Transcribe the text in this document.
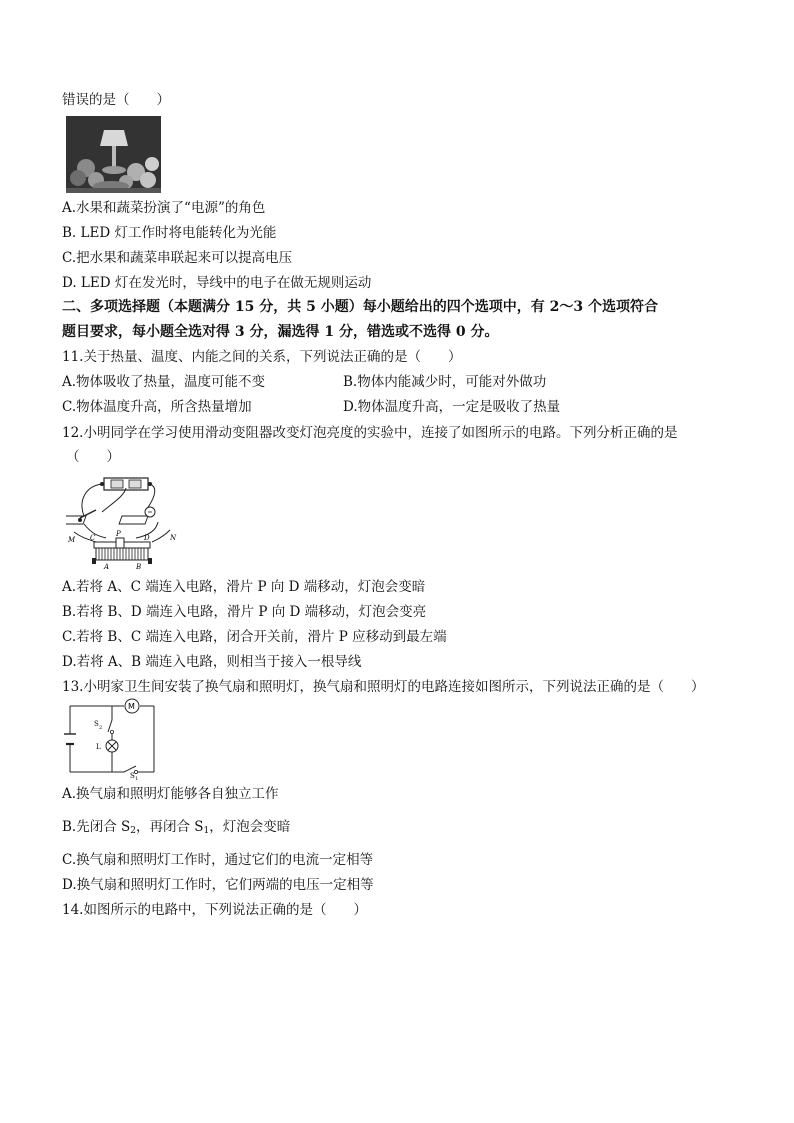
错误的是（　　）
A.水果和蔬菜扮演了“电源”的角色
B. LED 灯工作时将电能转化为光能
C.把水果和蔬菜串联起来可以提高电压
D. LED 灯在发光时，导线中的电子在做无规则运动
二、多项选择题（本题满分 15 分，共 5 小题）每小题给出的四个选项中，有 2～3 个选项符合
题目要求，每小题全选对得 3 分，漏选得 1 分，错选或不选得 0 分。
11.关于热量、温度、内能之间的关系，下列说法正确的是（　　）
A.物体吸收了热量，温度可能不变	B.物体内能减少时，可能对外做功
C.物体温度升高，所含热量增加	D.物体温度升高，一定是吸收了热量
12.小明同学在学习使用滑动变阻器改变灯泡亮度的实验中，连接了如图所示的电路。下列分析正确的是
（　　）
M C	P	D	N
A	B
A.若将 A、C 端连入电路，滑片 P 向 D 端移动，灯泡会变暗
B.若将 B、D 端连入电路，滑片 P 向 D 端移动，灯泡会变亮
C.若将 B、C 端连入电路，闭合开关前，滑片 P 应移动到最左端
D.若将 A、B 端连入电路，则相当于接入一根导线
13.小明家卫生间安装了换气扇和照明灯，换气扇和照明灯的电路连接如图所示，下列说法正确的是（　　）
M
S 2
L
S 1
A.换气扇和照明灯能够各自独立工作
B.先闭合 $S_2$，再闭合 $S_1$，灯泡会变暗
C.换气扇和照明灯工作时，通过它们的电流一定相等
D.换气扇和照明灯工作时，它们两端的电压一定相等
14.如图所示的电路中，下列说法正确的是（　　）
